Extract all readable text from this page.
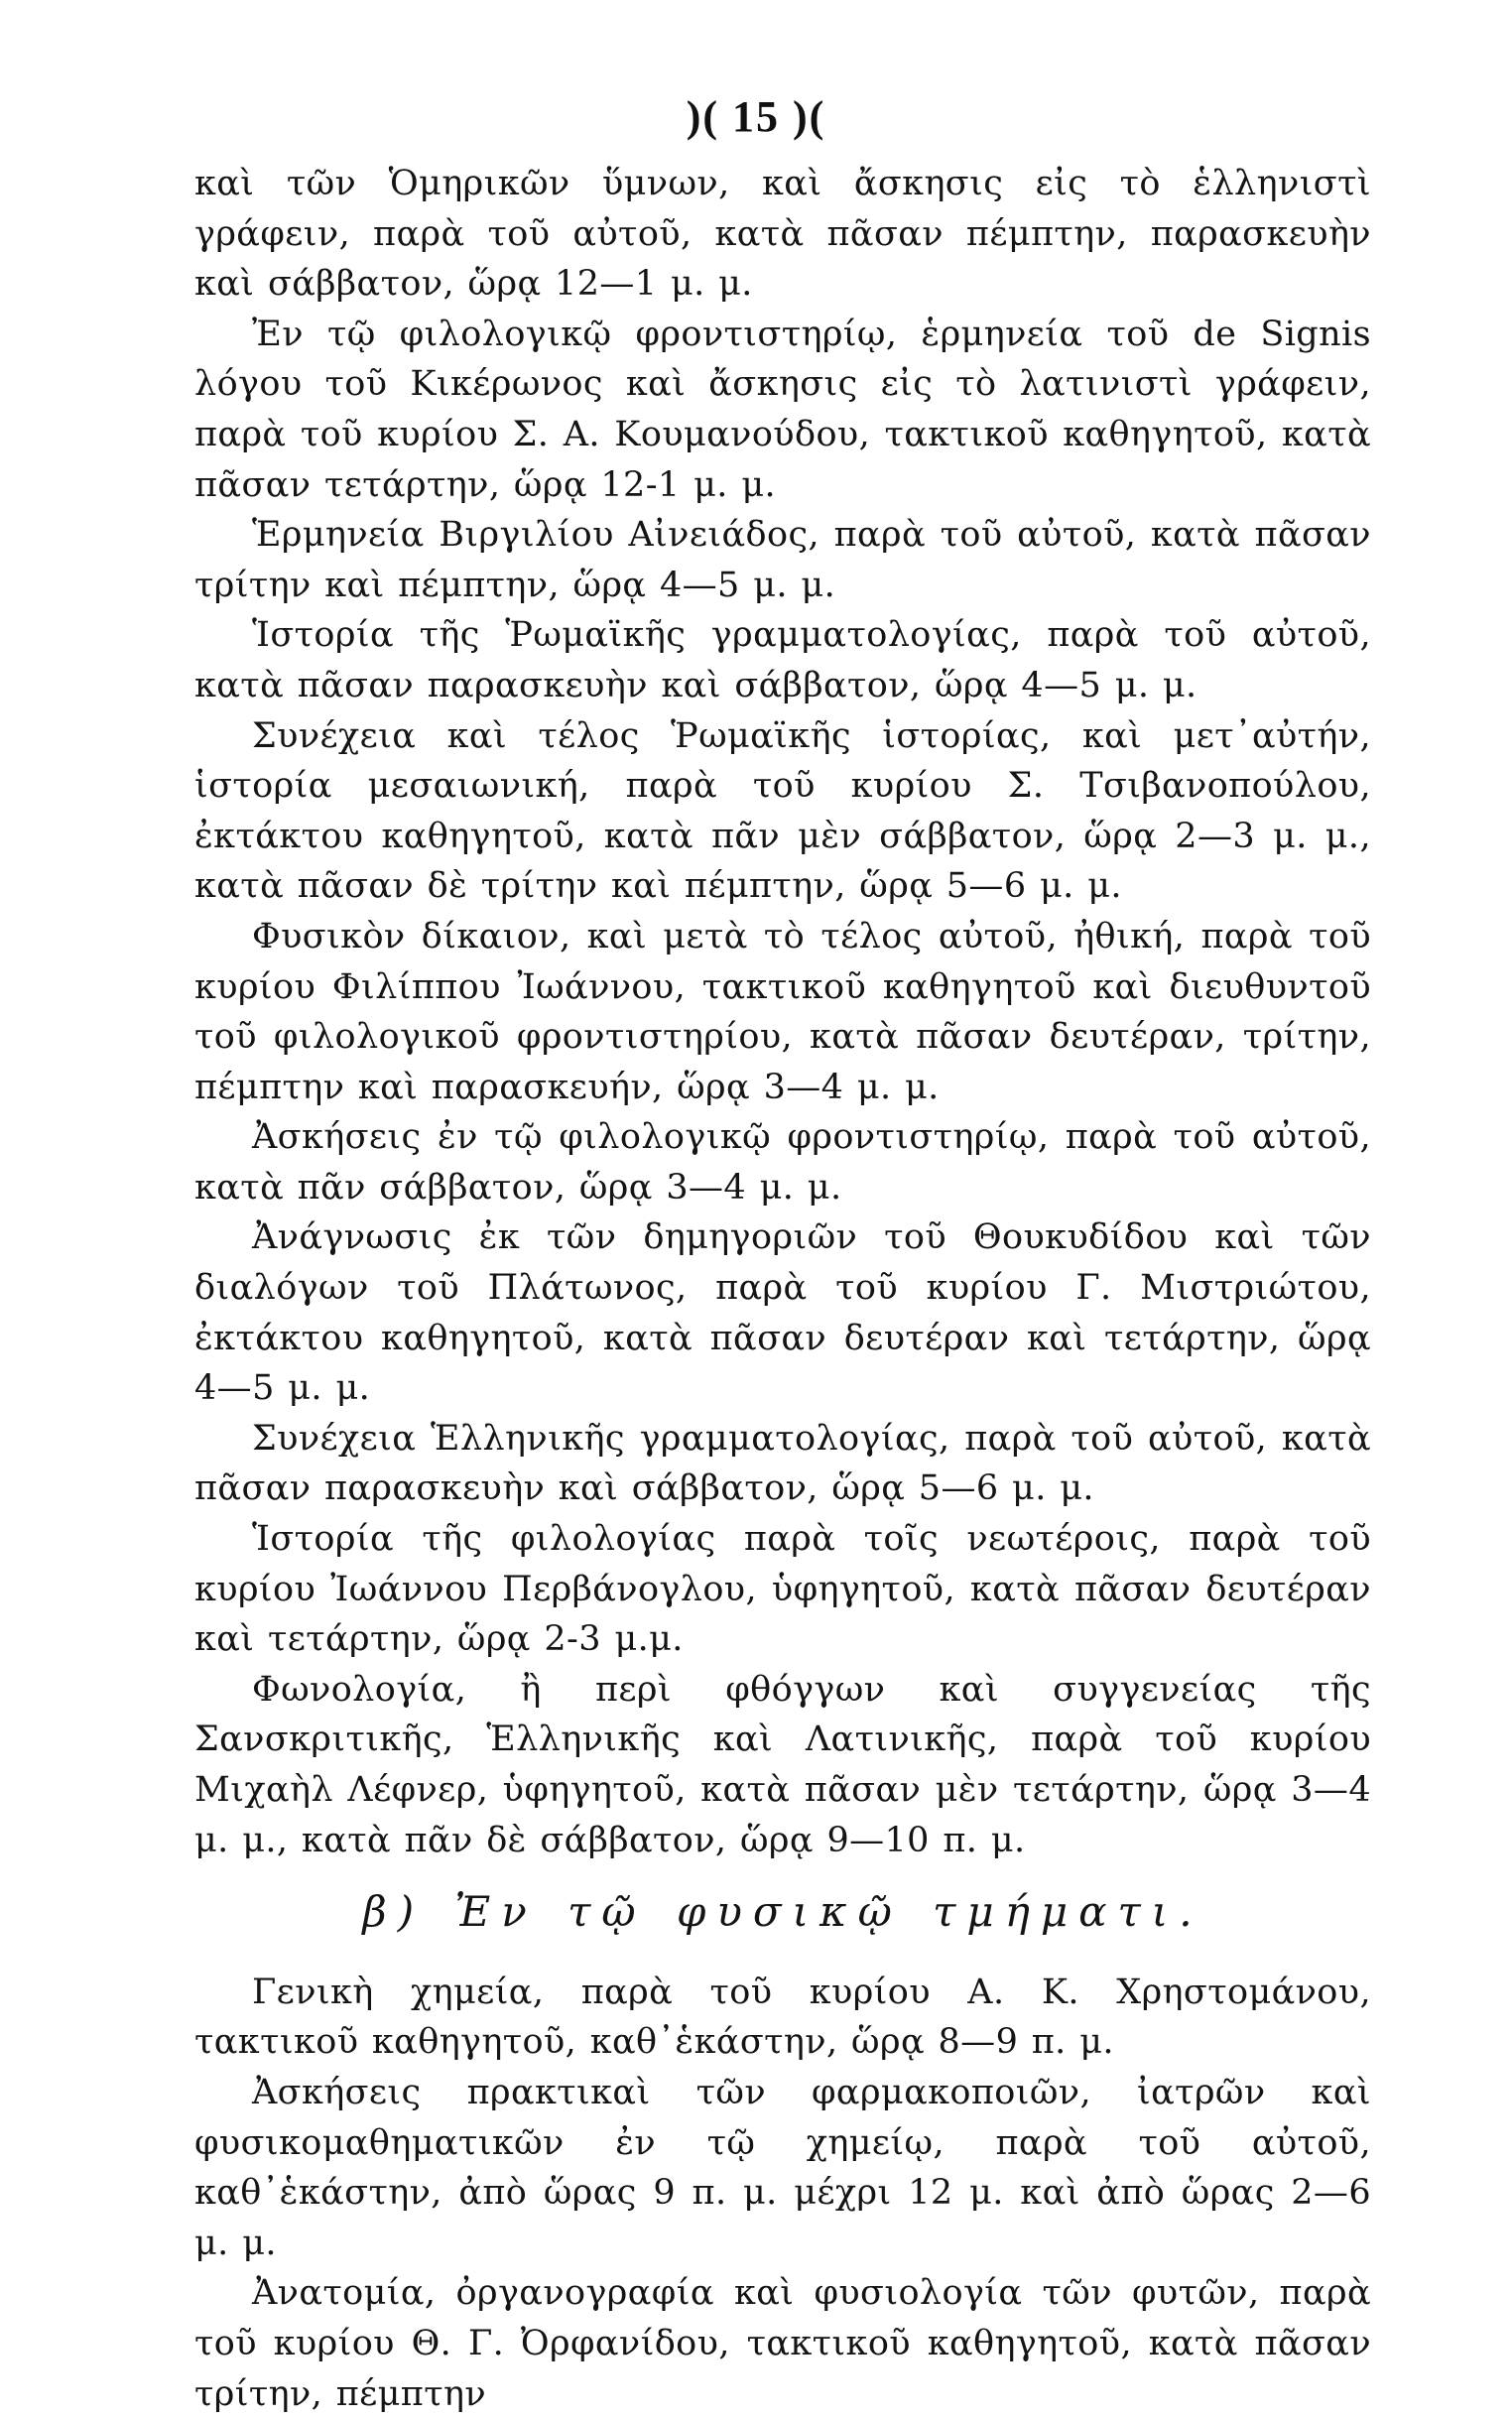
)( 15 )(

καὶ τῶν Ὁμηρικῶν ὕμνων, καὶ ἄσκησις εἰς τὸ ἑλληνιστὶ γράφειν, παρὰ τοῦ αὐτοῦ, κατὰ πᾶσαν πέμπτην, παρασκευὴν καὶ σάββατον, ὥρᾳ 12—1 μ. μ.

Ἐν τῷ φιλολογικῷ φροντιστηρίῳ, ἑρμηνεία τοῦ de Signis λόγου τοῦ Κικέρωνος καὶ ἄσκησις εἰς τὸ λατινιστὶ γράφειν, παρὰ τοῦ κυρίου Σ. Α. Κουμανούδου, τακτικοῦ καθηγητοῦ, κατὰ πᾶσαν τετάρτην, ὥρᾳ 12-1 μ. μ.

Ἑρμηνεία Βιργιλίου Αἰνειάδος, παρὰ τοῦ αὐτοῦ, κατὰ πᾶσαν τρίτην καὶ πέμπτην, ὥρᾳ 4—5 μ. μ.

Ἱστορία τῆς Ῥωμαϊκῆς γραμματολογίας, παρὰ τοῦ αὐτοῦ, κατὰ πᾶσαν παρασκευὴν καὶ σάββατον, ὥρᾳ 4—5 μ. μ.

Συνέχεια καὶ τέλος Ῥωμαϊκῆς ἱστορίας, καὶ μετ᾽αὐτήν, ἱστορία μεσαιωνική, παρὰ τοῦ κυρίου Σ. Τσιβανοπούλου, ἐκτάκτου καθηγητοῦ, κατὰ πᾶν μὲν σάββατον, ὥρᾳ 2—3 μ. μ., κατὰ πᾶσαν δὲ τρίτην καὶ πέμπτην, ὥρᾳ 5—6 μ. μ.

Φυσικὸν δίκαιον, καὶ μετὰ τὸ τέλος αὐτοῦ, ἠθική, παρὰ τοῦ κυρίου Φιλίππου Ἰωάννου, τακτικοῦ καθηγητοῦ καὶ διευθυντοῦ τοῦ φιλολογικοῦ φροντιστηρίου, κατὰ πᾶσαν δευτέραν, τρίτην, πέμπτην καὶ παρασκευήν, ὥρᾳ 3—4 μ. μ.

Ἀσκήσεις ἐν τῷ φιλολογικῷ φροντιστηρίῳ, παρὰ τοῦ αὐτοῦ, κατὰ πᾶν σάββατον, ὥρᾳ 3—4 μ. μ.

Ἀνάγνωσις ἐκ τῶν δημηγοριῶν τοῦ Θουκυδίδου καὶ τῶν διαλόγων τοῦ Πλάτωνος, παρὰ τοῦ κυρίου Γ. Μιστριώτου, ἐκτάκτου καθηγητοῦ, κατὰ πᾶσαν δευτέραν καὶ τετάρτην, ὥρᾳ 4—5 μ. μ.

Συνέχεια Ἑλληνικῆς γραμματολογίας, παρὰ τοῦ αὐτοῦ, κατὰ πᾶσαν παρασκευὴν καὶ σάββατον, ὥρᾳ 5—6 μ. μ.

Ἱστορία τῆς φιλολογίας παρὰ τοῖς νεωτέροις, παρὰ τοῦ κυρίου Ἰωάννου Περβάνογλου, ὑφηγητοῦ, κατὰ πᾶσαν δευτέραν καὶ τετάρτην, ὥρᾳ 2-3 μ.μ.

Φωνολογία, ἢ περὶ φθόγγων καὶ συγγενείας τῆς Σανσκριτικῆς, Ἑλληνικῆς καὶ Λατινικῆς, παρὰ τοῦ κυρίου Μιχαὴλ Λέφνερ, ὑφηγητοῦ, κατὰ πᾶσαν μὲν τετάρτην, ὥρᾳ 3—4 μ. μ., κατὰ πᾶν δὲ σάββατον, ὥρᾳ 9—10 π. μ.

β) Ἐν τῷ φυσικῷ τμήματι.

Γενικὴ χημεία, παρὰ τοῦ κυρίου Α. Κ. Χρηστομάνου, τακτικοῦ καθηγητοῦ, καθ᾽ἑκάστην, ὥρᾳ 8—9 π. μ.

Ἀσκήσεις πρακτικαὶ τῶν φαρμακοποιῶν, ἰατρῶν καὶ φυσικομαθηματικῶν ἐν τῷ χημείῳ, παρὰ τοῦ αὐτοῦ, καθ᾽ἑκάστην, ἀπὸ ὥρας 9 π. μ. μέχρι 12 μ. καὶ ἀπὸ ὥρας 2—6 μ. μ.

Ἀνατομία, ὀργανογραφία καὶ φυσιολογία τῶν φυτῶν, παρὰ τοῦ κυρίου Θ. Γ. Ὀρφανίδου, τακτικοῦ καθηγητοῦ, κατὰ πᾶσαν τρίτην, πέμπτην
